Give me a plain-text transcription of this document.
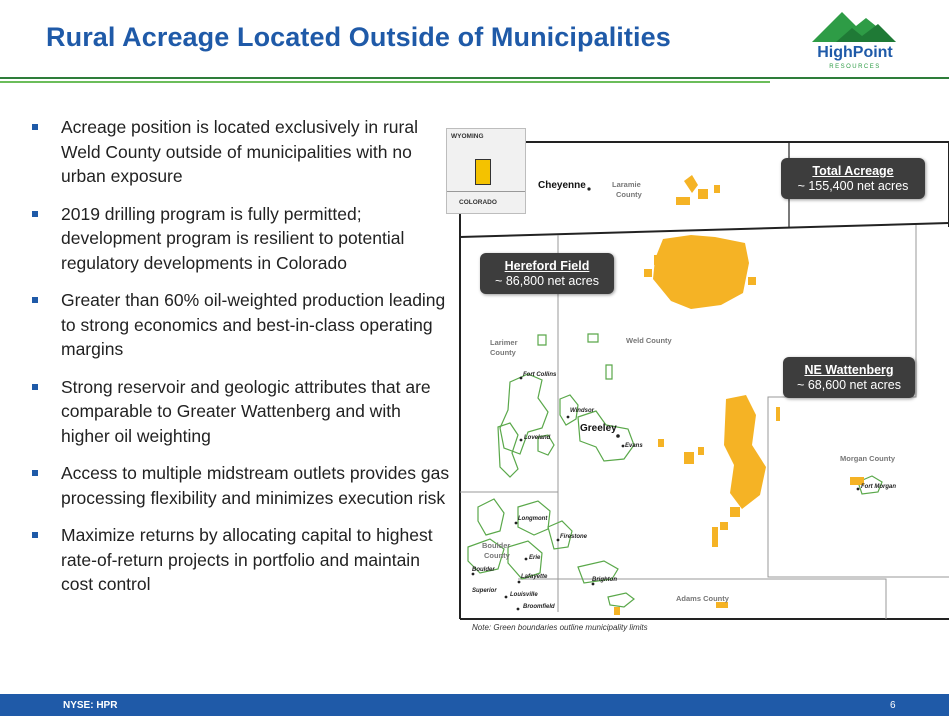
Rural Acreage Located Outside of Municipalities
HighPoint
RESOURCES
Acreage position is located exclusively in rural Weld County outside of municipalities with no urban exposure
2019 drilling program is fully permitted; development program is resilient to potential regulatory developments in Colorado
Greater than 60% oil-weighted production leading to strong economics and best-in-class operating margins
Strong reservoir and geologic attributes that are comparable to Greater Wattenberg and with higher oil weighting
Access to multiple midstream outlets provides gas processing flexibility and minimizes execution risk
Maximize returns by allocating capital to highest rate-of-return projects in portfolio and maintain cost control
Cheyenne	Laramie
County
Larimer
County
Weld County
Morgan County
Adams County
Boulder
County
Greeley
Fort Collins
Windsor
Loveland
Evans
Fort Morgan
Longmont
Firestone
Erie
Boulder
Lafayette
Louisville
Superior
Brighton
Broomfield
WYOMING
COLORADO
Total Acreage
~ 155,400 net acres
Hereford Field
~ 86,800 net acres
NE Wattenberg
~ 68,600 net acres
Note: Green boundaries outline municipality limits
NYSE: HPR	6
